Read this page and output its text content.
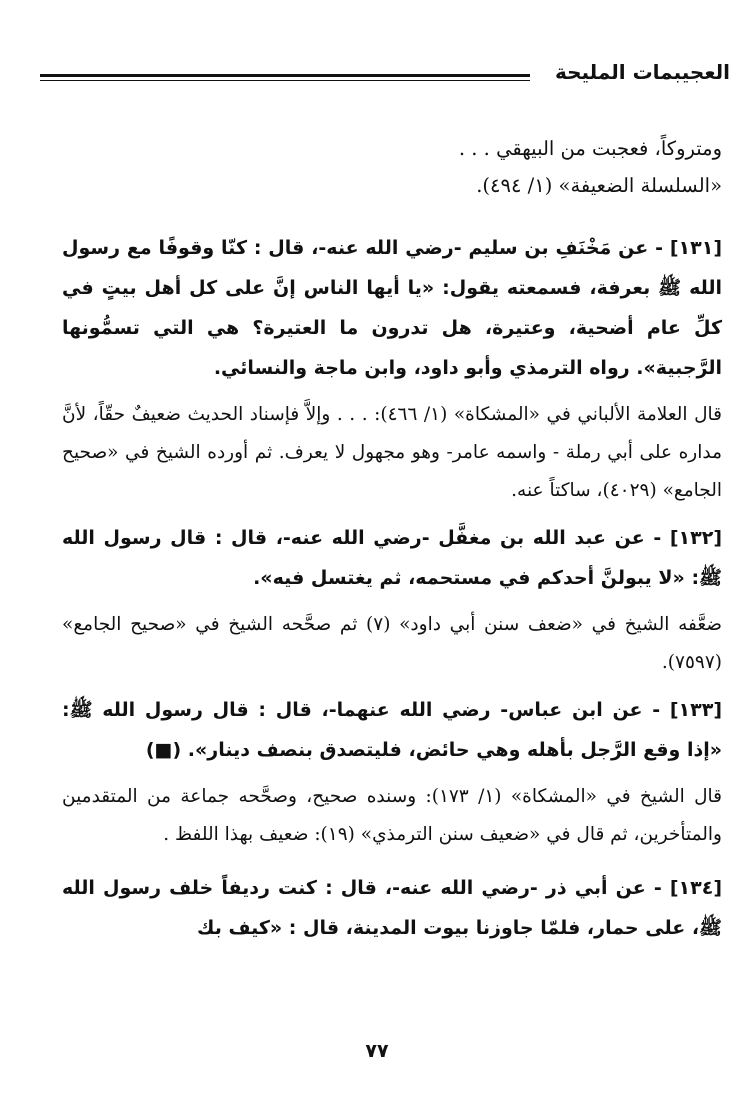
العجيبمات المليحة

ومتروكاً، فعجبت من البيهقي . . .

«السلسلة الضعيفة» (١/ ٤٩٤).

[١٣١] - عن مَخْنَفِ بن سليم -رضي الله عنه-، قال : كنّا وقوفًا مع رسول الله ﷺ بعرفة، فسمعته يقول: «يا أيها الناس إنَّ على كل أهل بيتٍ في كلِّ عام أضحية، وعتيرة، هل تدرون ما العتيرة؟ هي التي تسمُّونها الرَّجبية». رواه الترمذي وأبو داود، وابن ماجة والنسائي.

قال العلامة الألباني في «المشكاة» (١/ ٤٦٦): . . . وإلاَّ فإسناد الحديث ضعيفٌ حقّاً، لأنَّ مداره على أبي رملة - واسمه عامر- وهو مجهول لا يعرف. ثم أورده الشيخ في «صحيح الجامع» (٤٠٢٩)، ساكتاً عنه.

[١٣٢] - عن عبد الله بن مغفَّل -رضي الله عنه-، قال : قال رسول الله ﷺ: «لا يبولنَّ أحدكم في مستحمه، ثم يغتسل فيه».

ضعَّفه الشيخ في «ضعف سنن أبي داود» (٧) ثم صحَّحه الشيخ في «صحيح الجامع» (٧٥٩٧).

[١٣٣] - عن ابن عباس- رضي الله عنهما-، قال : قال رسول الله ﷺ: «إذا وقع الرَّجل بأهله وهي حائض، فليتصدق بنصف دينار». (■)

قال الشيخ في «المشكاة» (١/ ١٧٣): وسنده صحيح، وصحَّحه جماعة من المتقدمين والمتأخرين، ثم قال في «ضعيف سنن الترمذي» (١٩): ضعيف بهذا اللفظ .

[١٣٤] - عن أبي ذر -رضي الله عنه-، قال : كنت رديفاً خلف رسول الله ﷺ، على حمار، فلمّا جاوزنا بيوت المدينة، قال : «كيف بك

٧٧
